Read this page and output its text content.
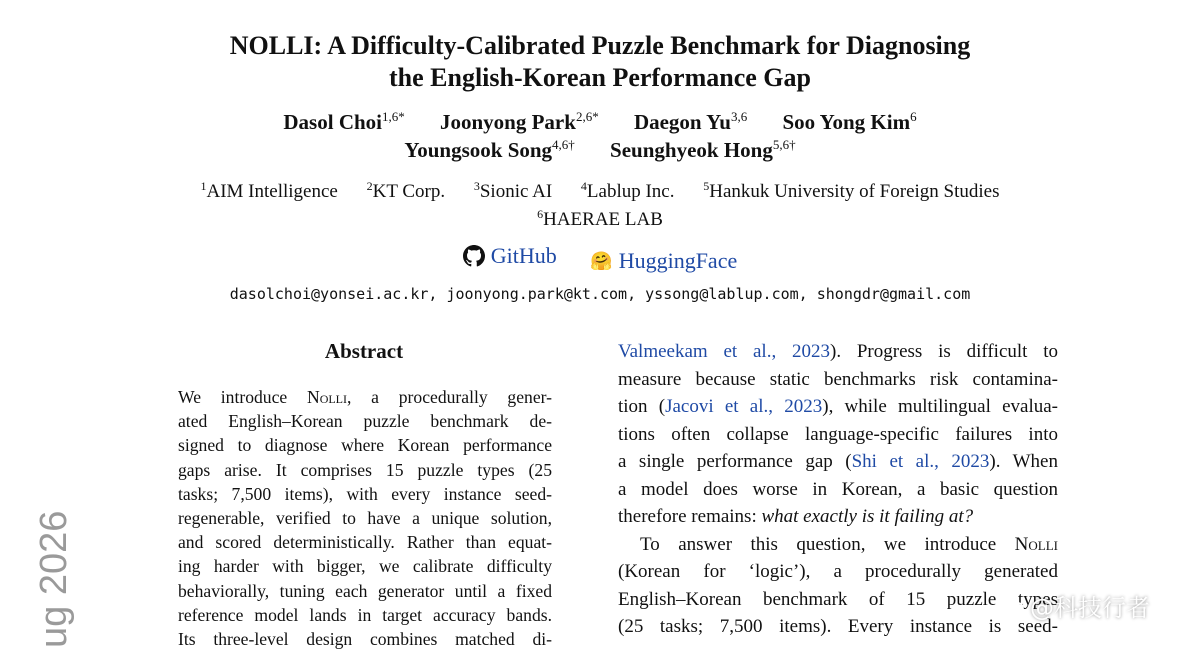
NOLLI: A Difficulty-Calibrated Puzzle Benchmark for Diagnosing
the English-Korean Performance Gap
Dasol Choi$^{1,6*}$ Joonyong Park$^{2,6*}$ Daegon Yu$^{3,6}$ Soo Yong Kim$^6$
Youngsook Song$^{4,6\dagger}$ Seunghyeok Hong$^{5,6\dagger}$
$^1$AIM Intelligence $^2$KT Corp. $^3$Sionic AI $^4$Lablup Inc. $^5$Hankuk University of Foreign Studies
$^6$HAERAE LAB
GitHub
🤗 HuggingFace
dasolchoi@yonsei.ac.kr, joonyong.park@kt.com, yssong@lablup.com, shongdr@gmail.com
Abstract
We introduce Nolli, a procedurally gener-
ated English–Korean puzzle benchmark de-
signed to diagnose where Korean performance
gaps arise. It comprises 15 puzzle types (25
tasks; 7,500 items), with every instance seed-
regenerable, verified to have a unique solution,
and scored deterministically. Rather than equat-
ing harder with bigger, we calibrate difficulty
behaviorally, tuning each generator until a fixed
reference model lands in target accuracy bands.
Its three-level design combines matched di-
Valmeekam et al., 2023). Progress is difficult to
measure because static benchmarks risk contamina-
tion (Jacovi et al., 2023), while multilingual evalua-
tions often collapse language-specific failures into
a single performance gap (Shi et al., 2023). When
a model does worse in Korean, a basic question
therefore remains: what exactly is it failing at?
To answer this question, we introduce Nolli
(Korean for ‘logic’), a procedurally generated
English–Korean benchmark of 15 puzzle types
(25 tasks; 7,500 items). Every instance is seed-
ug 2026	@科技行者
